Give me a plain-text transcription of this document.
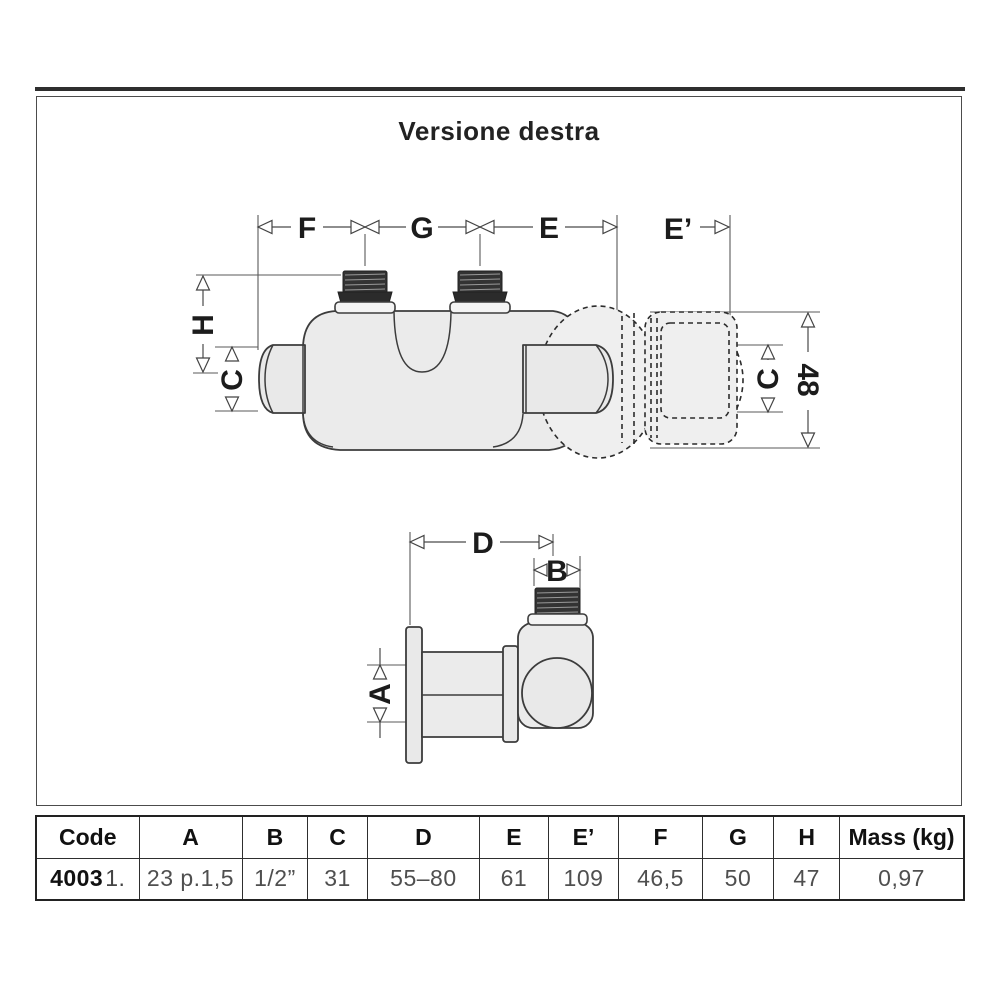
Versione destra
F	G	E	E’
H
C	C 48
D
B
A
Code	A	B	C	D	E	E’	F	G	H	Mass (kg)
40031.	23 p.1,5	1/2”	31	55–80	61	109	46,5	50	47	0,97
